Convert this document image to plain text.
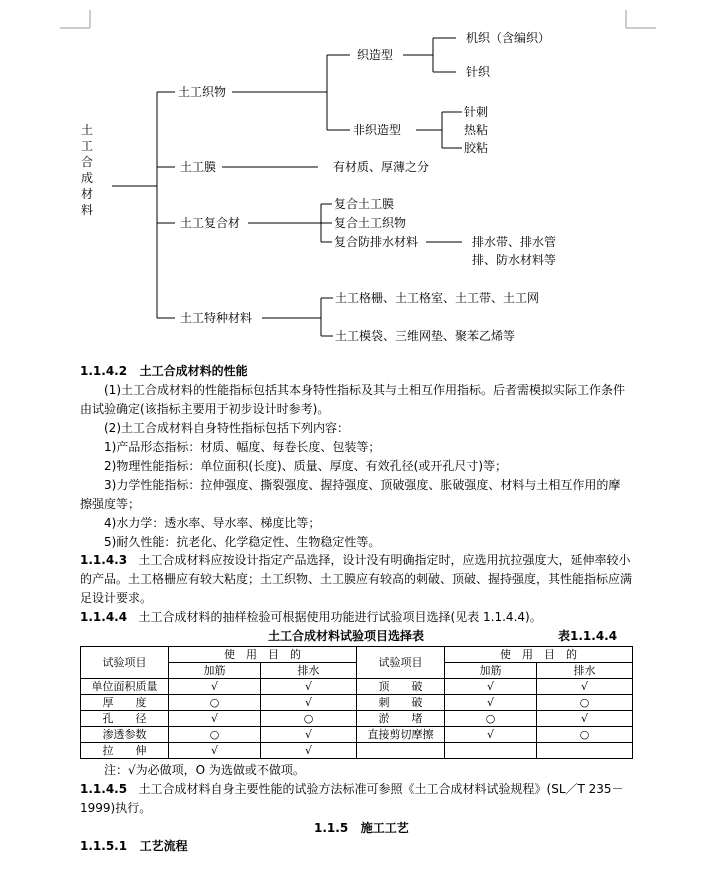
土
工
合
成
材
料
土工织物
织造型
机织（含编织）
针织
非织造型
针刺
热粘
胶粘
土工膜	有材质、厚薄之分
土工复合材
复合土工膜
复合土工织物
复合防排水材料	排水带、排水管
排、防水材料等
土工特种材料
土工格栅、土工格室、土工带、土工网
土工模袋、三维网垫、聚苯乙烯等

1.1.4.2 土工合成材料的性能

(1)土工合成材料的性能指标包括其本身特性指标及其与土相互作用指标。后者需模拟实际工作条件由试验确定(该指标主要用于初步设计时参考)。

(2)土工合成材料自身特性指标包括下列内容：

1)产品形态指标：材质、幅度、每卷长度、包装等；

2)物理性能指标：单位面积(长度)、质量、厚度、有效孔径(或开孔尺寸)等；

3)力学性能指标：拉伸强度、撕裂强度、握持强度、顶破强度、胀破强度、材料与土相互作用的摩擦强度等；

4)水力学：透水率、导水率、梯度比等；

5)耐久性能：抗老化、化学稳定性、生物稳定性等。

1.1.4.3 土工合成材料应按设计指定产品选择，设计没有明确指定时，应选用抗拉强度大，延伸率较小的产品。土工格栅应有较大粘度；土工织物、土工膜应有较高的刺破、顶破、握持强度，其性能指标应满足设计要求。

1.1.4.4 土工合成材料的抽样检验可根据使用功能进行试验项目选择(见表 1.1.4.4)。

土工合成材料试验项目选择表	表1.1.4.4
试验项目	使　用　目　的		试验项目	使　用　目　的	
	加筋	排水		加筋	排水
单位面积质量	√	√	顶　　破	√	√
厚　　度	○	√	刺　　破	√	○
孔　　径	√	○	淤　　堵	○	√
渗透参数	○	√	直接剪切摩擦	√	○
拉　　伸	√	√			
注：√为必做项，O 为选做或不做项。

1.1.4.5 土工合成材料自身主要性能的试验方法标准可参照《土工合成材料试验规程》(SL／T 235－1999)执行。

1.1.5 施工工艺
1.1.5.1 工艺流程
